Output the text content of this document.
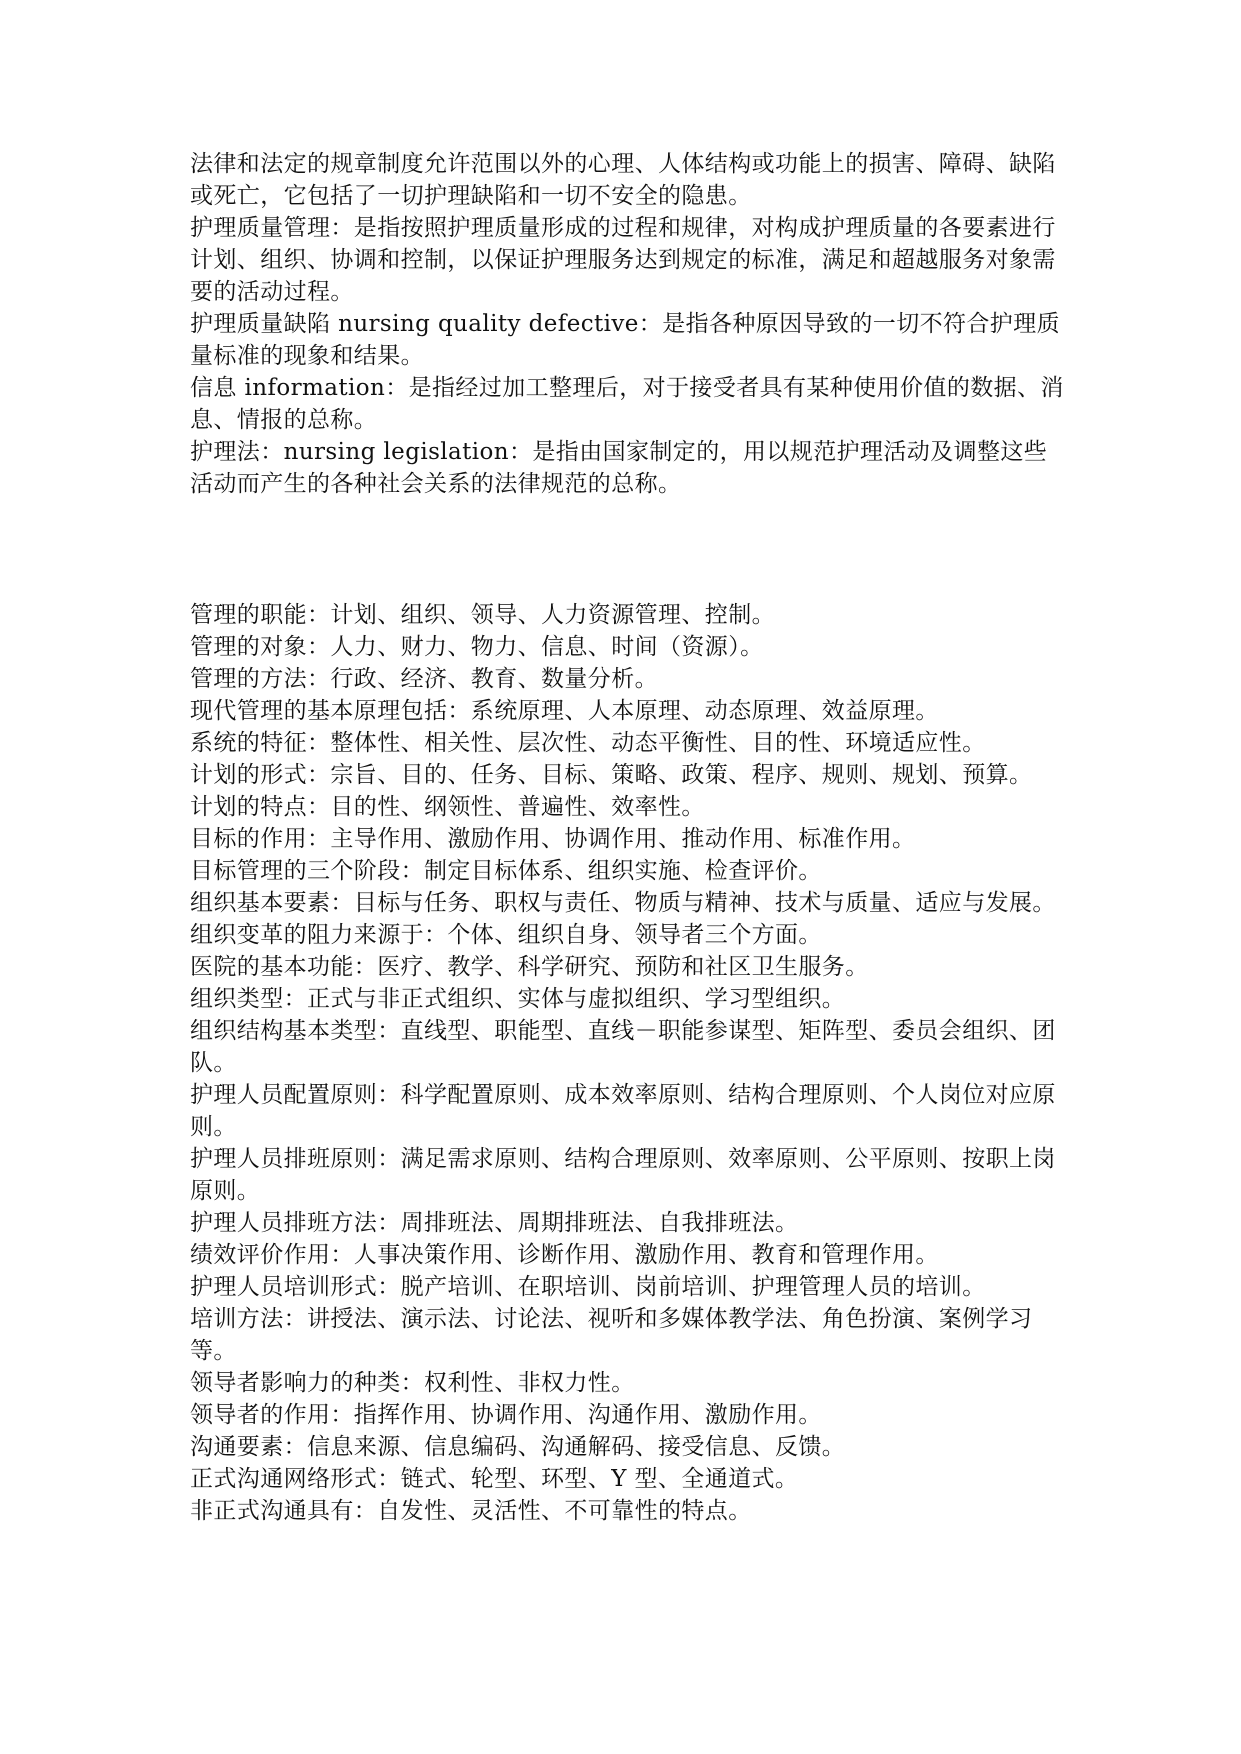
法律和法定的规章制度允许范围以外的心理、人体结构或功能上的损害、障碍、缺陷或死亡，它包括了一切护理缺陷和一切不安全的隐患。

护理质量管理：是指按照护理质量形成的过程和规律，对构成护理质量的各要素进行计划、组织、协调和控制，以保证护理服务达到规定的标准，满足和超越服务对象需要的活动过程。

护理质量缺陷 nursing quality defective：是指各种原因导致的一切不符合护理质量标准的现象和结果。

信息 information：是指经过加工整理后，对于接受者具有某种使用价值的数据、消息、情报的总称。

护理法：nursing legislation：是指由国家制定的，用以规范护理活动及调整这些活动而产生的各种社会关系的法律规范的总称。

管理的职能：计划、组织、领导、人力资源管理、控制。

管理的对象：人力、财力、物力、信息、时间（资源）。

管理的方法：行政、经济、教育、数量分析。

现代管理的基本原理包括：系统原理、人本原理、动态原理、效益原理。

系统的特征：整体性、相关性、层次性、动态平衡性、目的性、环境适应性。

计划的形式：宗旨、目的、任务、目标、策略、政策、程序、规则、规划、预算。

计划的特点：目的性、纲领性、普遍性、效率性。

目标的作用：主导作用、激励作用、协调作用、推动作用、标准作用。

目标管理的三个阶段：制定目标体系、组织实施、检查评价。

组织基本要素：目标与任务、职权与责任、物质与精神、技术与质量、适应与发展。

组织变革的阻力来源于：个体、组织自身、领导者三个方面。

医院的基本功能：医疗、教学、科学研究、预防和社区卫生服务。

组织类型：正式与非正式组织、实体与虚拟组织、学习型组织。

组织结构基本类型：直线型、职能型、直线－职能参谋型、矩阵型、委员会组织、团队。

护理人员配置原则：科学配置原则、成本效率原则、结构合理原则、个人岗位对应原则。

护理人员排班原则：满足需求原则、结构合理原则、效率原则、公平原则、按职上岗原则。

护理人员排班方法：周排班法、周期排班法、自我排班法。

绩效评价作用：人事决策作用、诊断作用、激励作用、教育和管理作用。

护理人员培训形式：脱产培训、在职培训、岗前培训、护理管理人员的培训。

培训方法：讲授法、演示法、讨论法、视听和多媒体教学法、角色扮演、案例学习等。

领导者影响力的种类：权利性、非权力性。

领导者的作用：指挥作用、协调作用、沟通作用、激励作用。

沟通要素：信息来源、信息编码、沟通解码、接受信息、反馈。

正式沟通网络形式：链式、轮型、环型、Y 型、全通道式。

非正式沟通具有：自发性、灵活性、不可靠性的特点。
